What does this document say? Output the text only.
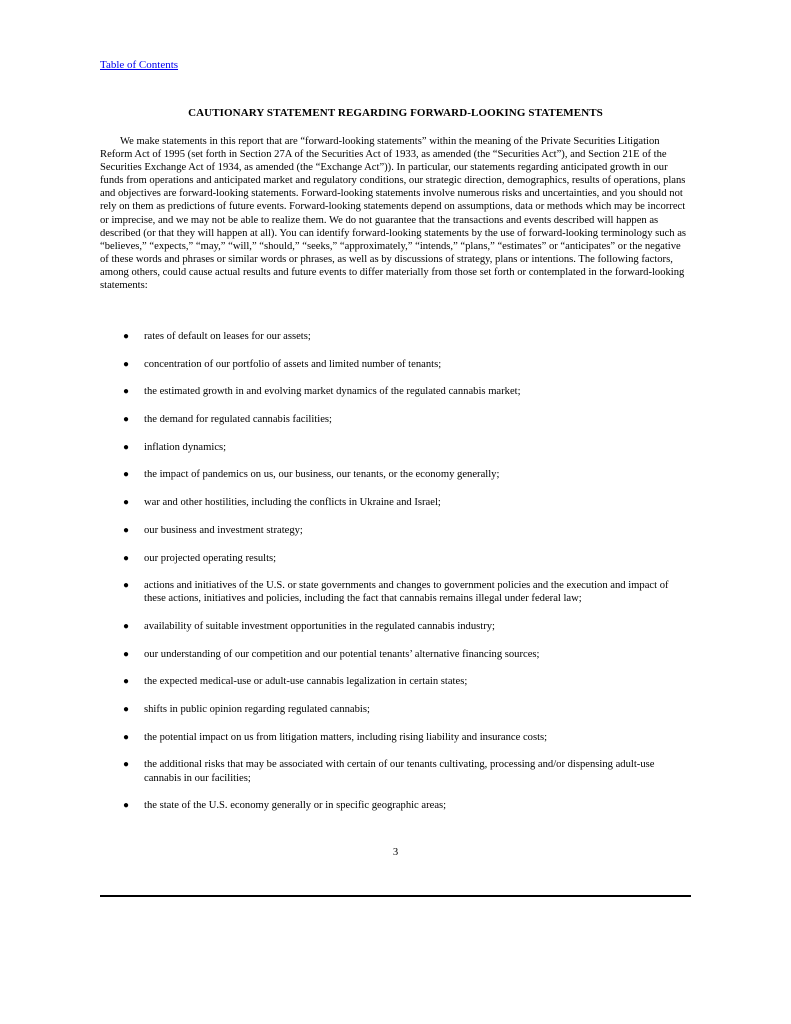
Table of Contents
CAUTIONARY STATEMENT REGARDING FORWARD-LOOKING STATEMENTS

We make statements in this report that are “forward-looking statements” within the meaning of the Private Securities Litigation Reform Act of 1995 (set forth in Section 27A of the Securities Act of 1933, as amended (the “Securities Act”), and Section 21E of the Securities Exchange Act of 1934, as amended (the “Exchange Act”)). In particular, our statements regarding anticipated growth in our funds from operations and anticipated market and regulatory conditions, our strategic direction, demographics, results of operations, plans and objectives are forward-looking statements. Forward-looking statements involve numerous risks and uncertainties, and you should not rely on them as predictions of future events. Forward-looking statements depend on assumptions, data or methods which may be incorrect or imprecise, and we may not be able to realize them. We do not guarantee that the transactions and events described will happen as described (or that they will happen at all). You can identify forward-looking statements by the use of forward-looking terminology such as “believes,” “expects,” “may,” “will,” “should,” “seeks,” “approximately,” “intends,” “plans,” “estimates” or “anticipates” or the negative of these words and phrases or similar words or phrases, as well as by discussions of strategy, plans or intentions. The following factors, among others, could cause actual results and future events to differ materially from those set forth or contemplated in the forward-looking statements:

● rates of default on leases for our assets;
● concentration of our portfolio of assets and limited number of tenants;
● the estimated growth in and evolving market dynamics of the regulated cannabis market;
● the demand for regulated cannabis facilities;
● inflation dynamics;
● the impact of pandemics on us, our business, our tenants, or the economy generally;
● war and other hostilities, including the conflicts in Ukraine and Israel;
● our business and investment strategy;
● our projected operating results;
● actions and initiatives of the U.S. or state governments and changes to government policies and the execution and impact of these actions, initiatives and policies, including the fact that cannabis remains illegal under federal law;
● availability of suitable investment opportunities in the regulated cannabis industry;
● our understanding of our competition and our potential tenants’ alternative financing sources;
● the expected medical-use or adult-use cannabis legalization in certain states;
● shifts in public opinion regarding regulated cannabis;
● the potential impact on us from litigation matters, including rising liability and insurance costs;
● the additional risks that may be associated with certain of our tenants cultivating, processing and/or dispensing adult-use cannabis in our facilities;
● the state of the U.S. economy generally or in specific geographic areas;
3
